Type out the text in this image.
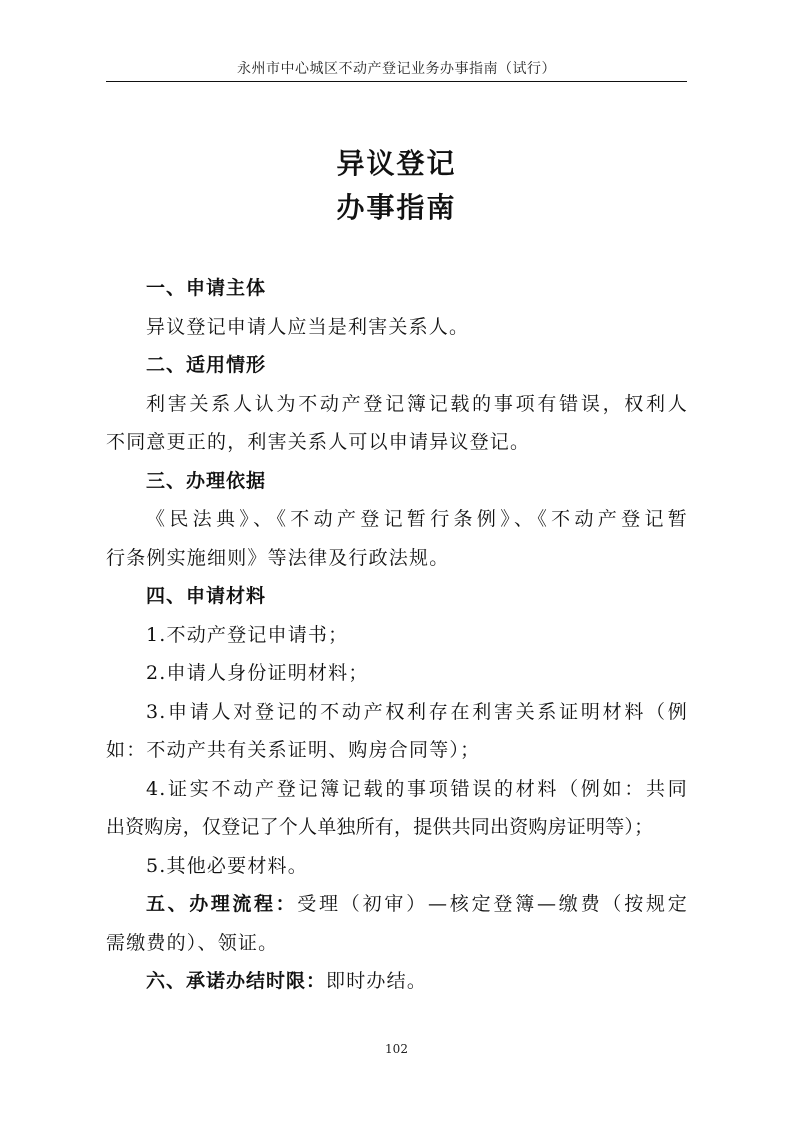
永州市中心城区不动产登记业务办事指南（试行）
异议登记
办事指南
一、申请主体
异议登记申请人应当是利害关系人。
二、适用情形
利害关系人认为不动产登记簿记载的事项有错误，权利人
不同意更正的，利害关系人可以申请异议登记。
三、办理依据
《民法典》、《不动产登记暂行条例》、《不动产登记暂
行条例实施细则》等法律及行政法规。
四、申请材料
1.不动产登记申请书；
2.申请人身份证明材料；
3.申请人对登记的不动产权利存在利害关系证明材料（例
如：不动产共有关系证明、购房合同等）；
4.证实不动产登记簿记载的事项错误的材料（例如：共同
出资购房，仅登记了个人单独所有，提供共同出资购房证明等）；
5.其他必要材料。
五、办理流程：受理（初审）—核定登簿—缴费（按规定
需缴费的）、领证。
六、承诺办结时限：即时办结。
102
